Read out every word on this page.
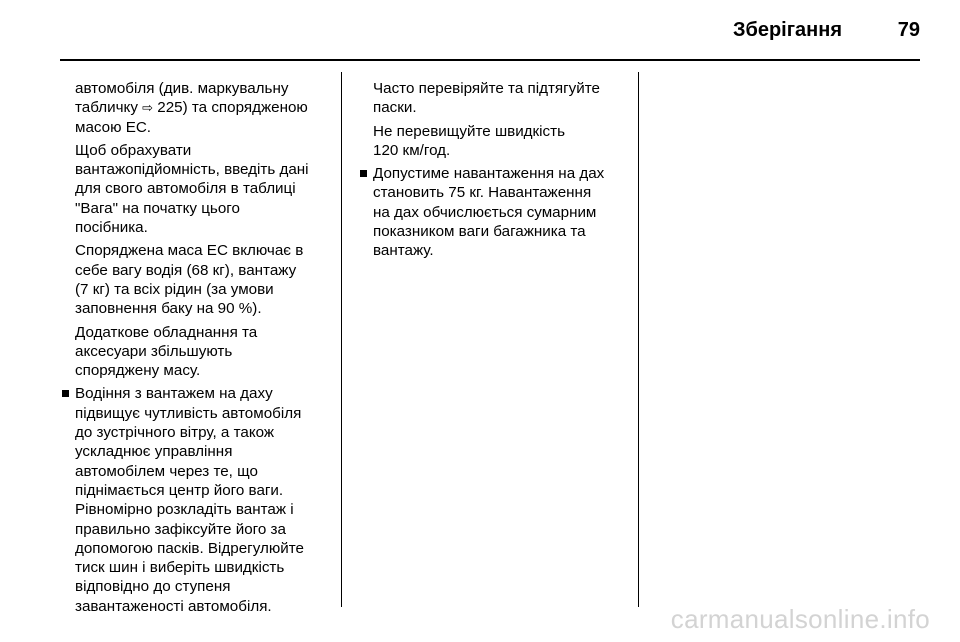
Зберігання	79

автомобіля (див. маркувальну
табличку ⇨ 225) та спорядженою
масою ЕС.

Щоб обрахувати
вантажопідйомність, введіть дані
для свого автомобіля в таблиці
"Вага" на початку цього
посібника.

Споряджена маса ЕС включає в
себе вагу водія (68 кг), вантажу
(7 кг) та всіх рідин (за умови
заповнення баку на 90 %).

Додаткове обладнання та
аксесуари збільшують
споряджену масу.

Водіння з вантажем на даху
підвищує чутливість автомобіля
до зустрічного вітру, а також
ускладнює управління
автомобілем через те, що
піднімається центр його ваги.
Рівномірно розкладіть вантаж і
правильно зафіксуйте його за
допомогою пасків. Відрегулюйте
тиск шин і виберіть швидкість
відповідно до ступеня
завантаженості автомобіля.

Часто перевіряйте та підтягуйте
паски.

Не перевищуйте швидкість
120 км/год.

Допустиме навантаження на дах
становить 75 кг. Навантаження
на дах обчислюється сумарним
показником ваги багажника та
вантажу.
carmanualsonline.info
